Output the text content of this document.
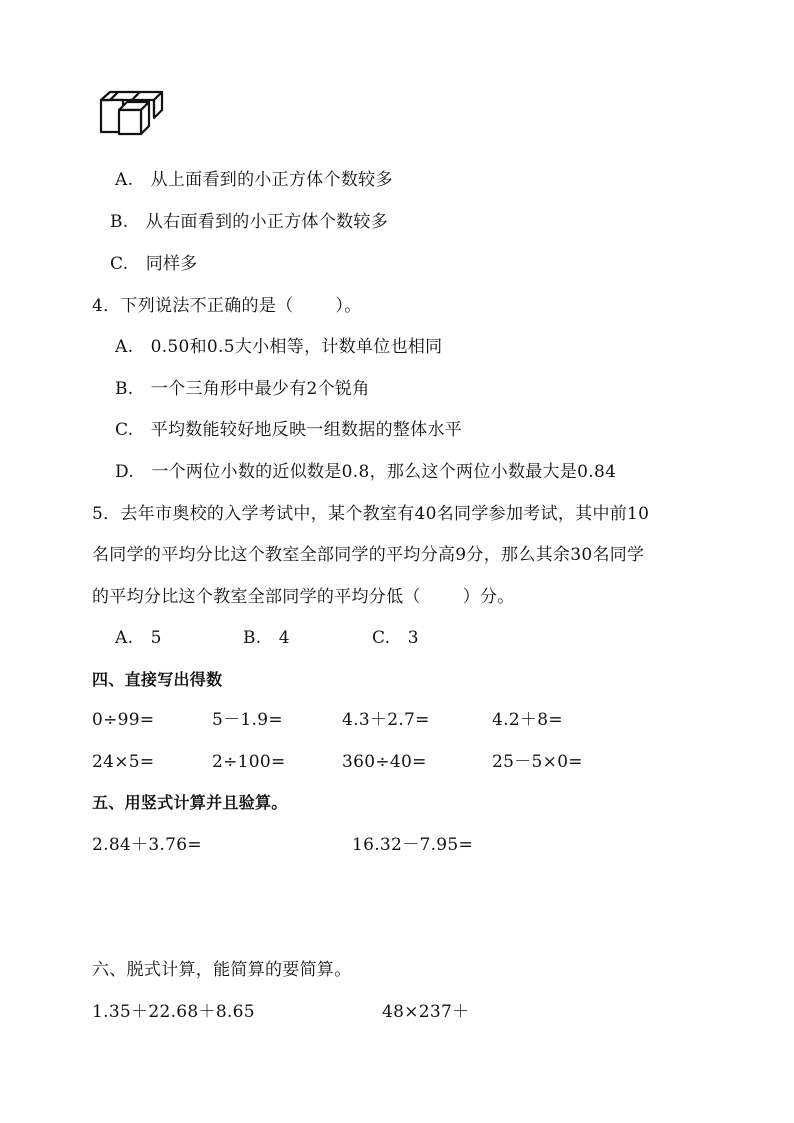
A.　从上面看到的小正方体个数较多
B.　从右面看到的小正方体个数较多
C.　同样多
4．下列说法不正确的是（ ）。
A.　0.50和0.5大小相等，计数单位也相同
B.　一个三角形中最少有2个锐角
C.　平均数能较好地反映一组数据的整体水平
D.　一个两位小数的近似数是0.8，那么这个两位小数最大是0.84
5．去年市奥校的入学考试中，某个教室有40名同学参加考试，其中前10
名同学的平均分比这个教室全部同学的平均分高9分，那么其余30名同学
的平均分比这个教室全部同学的平均分低（ ）分。
A.　5	B.　4	C.　3
四、直接写出得数
0÷99=	5－1.9=	4.3＋2.7=	4.2＋8=
24×5=	2÷100=	360÷40=	25－5×0=
五、用竖式计算并且验算。
2.84＋3.76=	16.32－7.95=
六、脱式计算，能简算的要简算。
1.35＋22.68＋8.65	48×237＋
